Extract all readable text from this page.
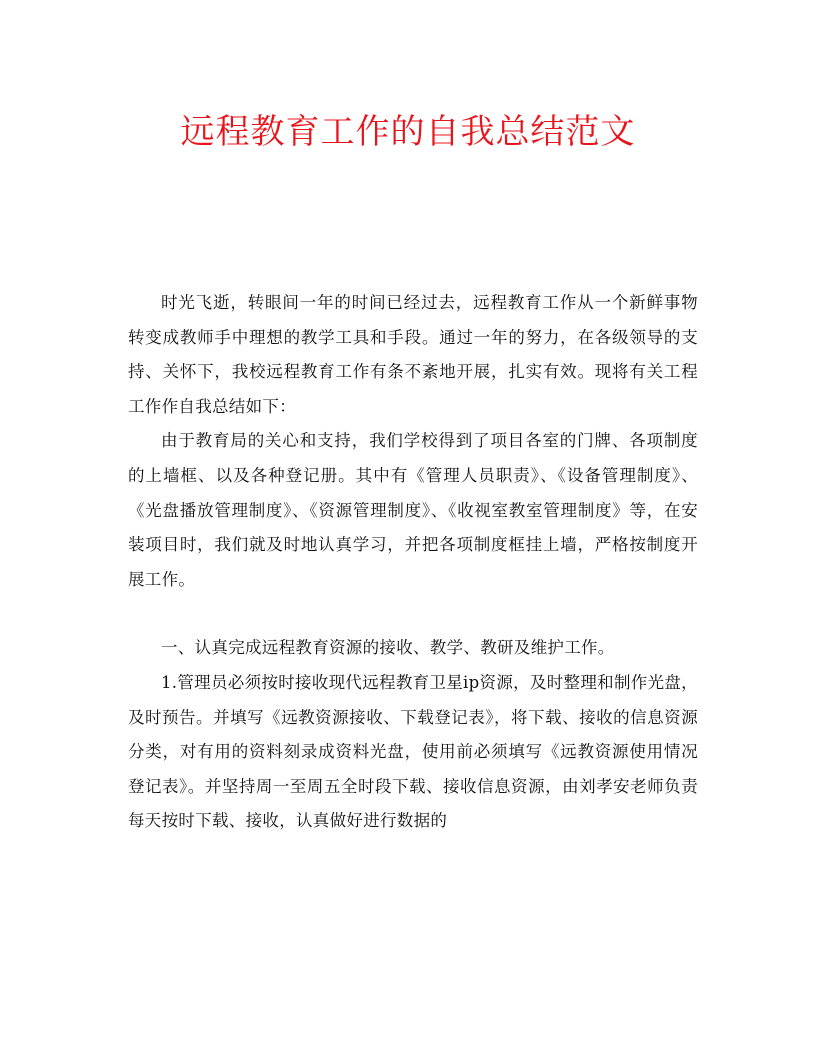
远程教育工作的自我总结范文

时光飞逝，转眼间一年的时间已经过去，远程教育工作从一个新鲜事物转变成教师手中理想的教学工具和手段。通过一年的努力，在各级领导的支持、关怀下，我校远程教育工作有条不紊地开展，扎实有效。现将有关工程工作作自我总结如下：

由于教育局的关心和支持，我们学校得到了项目各室的门牌、各项制度的上墙框、以及各种登记册。其中有《管理人员职责》、《设备管理制度》、《光盘播放管理制度》、《资源管理制度》、《收视室教室管理制度》等，在安装项目时，我们就及时地认真学习，并把各项制度框挂上墙，严格按制度开展工作。

一、认真完成远程教育资源的接收、教学、教研及维护工作。

1.管理员必须按时接收现代远程教育卫星ip资源，及时整理和制作光盘，及时预告。并填写《远教资源接收、下载登记表》，将下载、接收的信息资源分类，对有用的资料刻录成资料光盘，使用前必须填写《远教资源使用情况登记表》。并坚持周一至周五全时段下载、接收信息资源，由刘孝安老师负责每天按时下载、接收，认真做好进行数据的
